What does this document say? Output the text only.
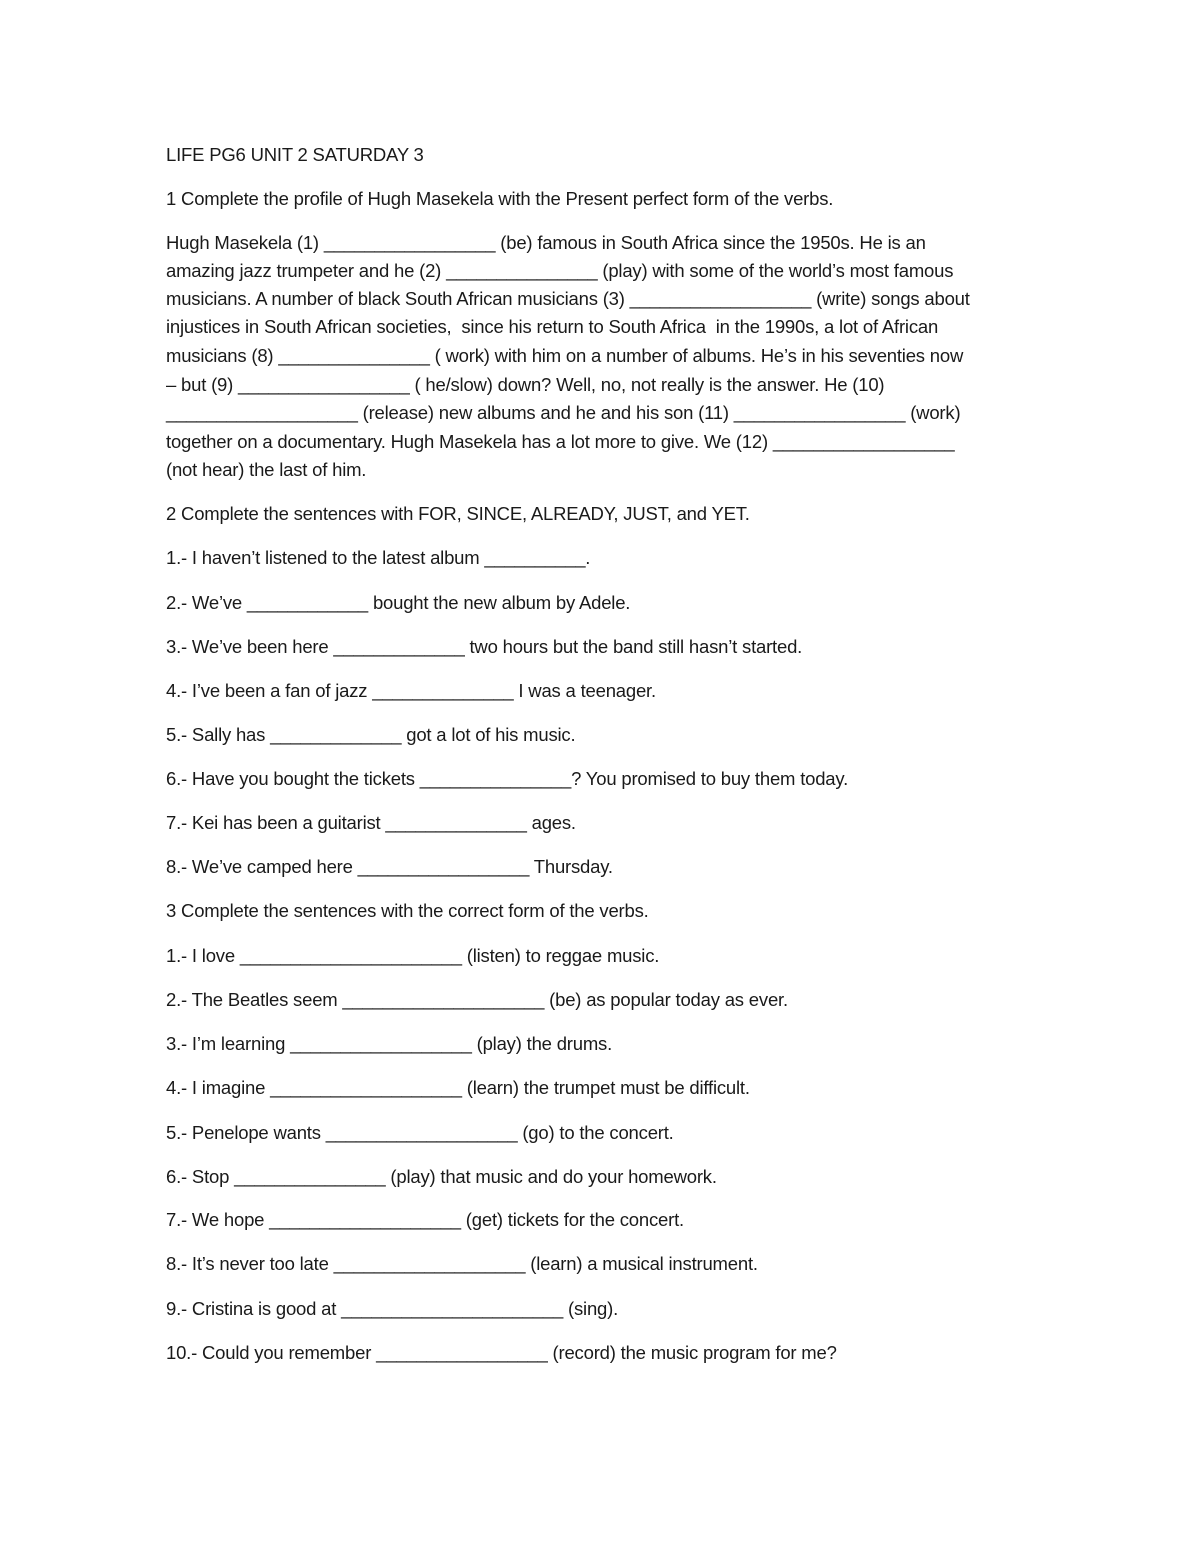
LIFE PG6 UNIT 2 SATURDAY 3
1 Complete the profile of Hugh Masekela with the Present perfect form of the verbs.
Hugh Masekela (1) _________________ (be) famous in South Africa since the 1950s. He is an
amazing jazz trumpeter and he (2) _______________ (play) with some of the world’s most famous
musicians. A number of black South African musicians (3) __________________ (write) songs about
injustices in South African societies,  since his return to South Africa  in the 1990s, a lot of African
musicians (8) _______________ ( work) with him on a number of albums. He’s in his seventies now
– but (9) _________________ ( he/slow) down? Well, no, not really is the answer. He (10)
___________________ (release) new albums and he and his son (11) _________________ (work)
together on a documentary. Hugh Masekela has a lot more to give. We (12) __________________
(not hear) the last of him.
2 Complete the sentences with FOR, SINCE, ALREADY, JUST, and YET.
1.- I haven’t listened to the latest album __________.
2.- We’ve ____________ bought the new album by Adele.
3.- We’ve been here _____________ two hours but the band still hasn’t started.
4.- I’ve been a fan of jazz ______________ I was a teenager.
5.- Sally has _____________ got a lot of his music.
6.- Have you bought the tickets _______________? You promised to buy them today.
7.- Kei has been a guitarist ______________ ages.
8.- We’ve camped here _________________ Thursday.
3 Complete the sentences with the correct form of the verbs.
1.- I love ______________________ (listen) to reggae music.
2.- The Beatles seem ____________________ (be) as popular today as ever.
3.- I’m learning __________________ (play) the drums.
4.- I imagine ___________________ (learn) the trumpet must be difficult.
5.- Penelope wants ___________________ (go) to the concert.
6.- Stop _______________ (play) that music and do your homework.
7.- We hope ___________________ (get) tickets for the concert.
8.- It’s never too late ___________________ (learn) a musical instrument.
9.- Cristina is good at ______________________ (sing).
10.- Could you remember _________________ (record) the music program for me?
